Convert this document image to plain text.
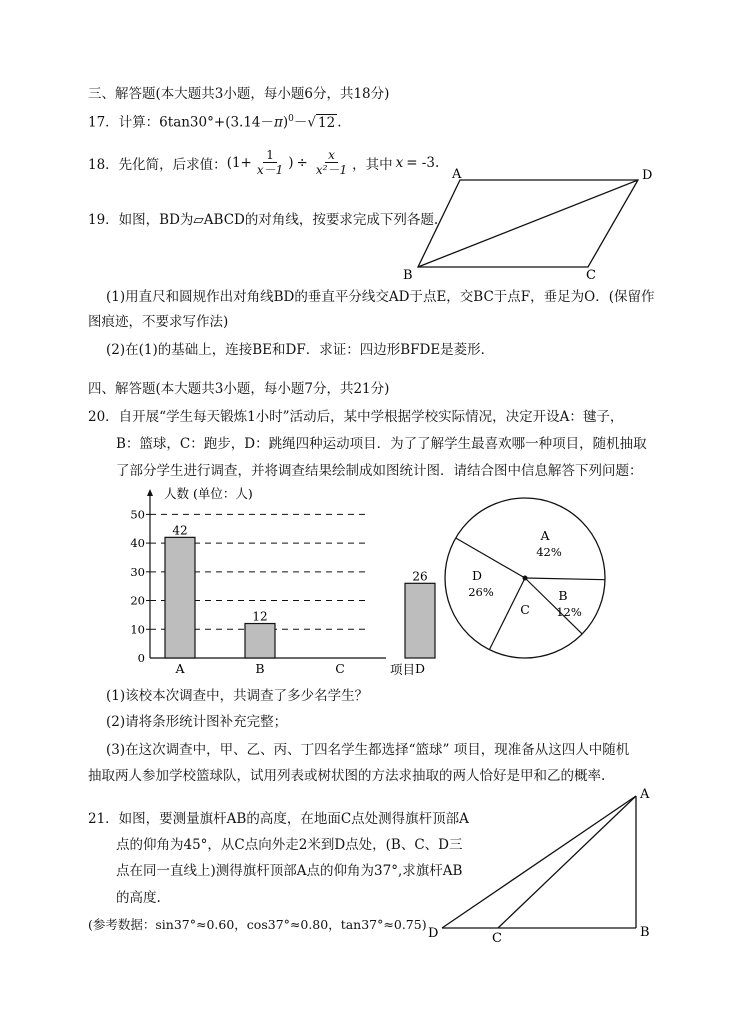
三、解答题(本大题共3小题，每小题6分，共18分)
17．计算：$6\tan 30^\circ+(3.14-\pi)^0-√$ 12 .
18．先化简，后求值： ($1+ \frac{1}{x-1}$ ) ÷ $\frac{x}{\text{x²－1}}$ ，其中 x = -3.
19．如图，BD为▱ABCD的对角线，按要求完成下列各题.
A	D
B	C
(1)用直尺和圆规作出对角线BD的垂直平分线交AD于点E，交BC于点F，垂足为O．(保留作
图痕迹，不要求写作法)
(2)在(1)的基础上，连接BE和DF．求证：四边形BFDE是菱形．
四、解答题(本大题共3小题，每小题7分，共21分)
20．自开展“学生每天锻炼1小时”活动后，某中学根据学校实际情况，决定开设A：毽子，
B：篮球，C：跑步，D：跳绳四种运动项目．为了了解学生最喜欢哪一种项目，随机抽取
了部分学生进行调查，并将调查结果绘制成如图统计图．请结合图中信息解答下列问题：
人数 (单位：人)
项目
0
10
20
30
40
50
A
42
B
12
C	D
26
A
42%
B
12%
C
D
26%
(1)该校本次调查中，共调查了多少名学生？
(2)请将条形统计图补充完整；
(3)在这次调查中，甲、乙、丙、丁四名学生都选择“篮球” 项目，现准备从这四人中随机
抽取两人参加学校篮球队，试用列表或树状图的方法求抽取的两人恰好是甲和乙的概率.
21．如图，要测量旗杆AB的高度，在地面C点处测得旗杆顶部A
点的仰角为45°，从C点向外走2米到D点处，(B、C、D三
点在同一直线上)测得旗杆顶部A点的仰角为37°,求旗杆AB
的高度.
(参考数据：sin37°≈0.60，cos37°≈0.80，tan37°≈0.75)
A
B
C
D
